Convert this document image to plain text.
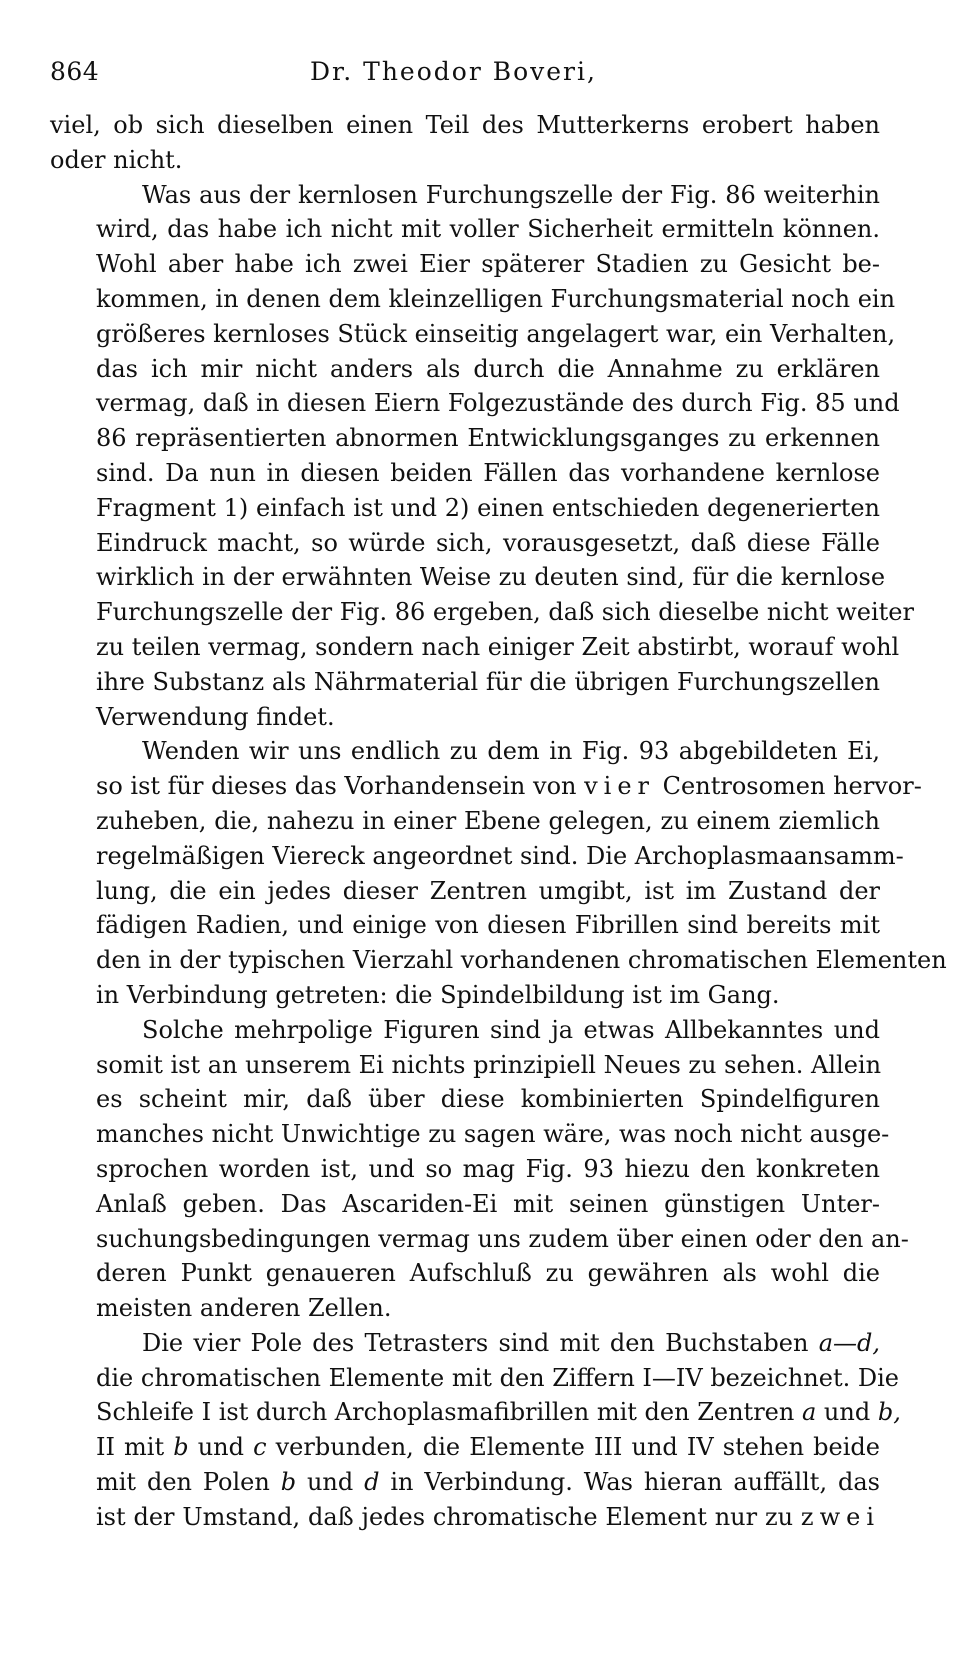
864	Dr. Theodor Boveri,
viel, ob sich dieselben einen Teil des Mutterkerns erobert haben
oder nicht.
Was aus der kernlosen Furchungszelle der Fig. 86 weiterhin
wird, das habe ich nicht mit voller Sicherheit ermitteln können.
Wohl aber habe ich zwei Eier späterer Stadien zu Gesicht be-
kommen, in denen dem kleinzelligen Furchungsmaterial noch ein
größeres kernloses Stück einseitig angelagert war, ein Verhalten,
das ich mir nicht anders als durch die Annahme zu erklären
vermag, daß in diesen Eiern Folgezustände des durch Fig. 85 und
86 repräsentierten abnormen Entwicklungsganges zu erkennen
sind. Da nun in diesen beiden Fällen das vorhandene kernlose
Fragment 1) einfach ist und 2) einen entschieden degenerierten
Eindruck macht, so würde sich, vorausgesetzt, daß diese Fälle
wirklich in der erwähnten Weise zu deuten sind, für die kernlose
Furchungszelle der Fig. 86 ergeben, daß sich dieselbe nicht weiter
zu teilen vermag, sondern nach einiger Zeit abstirbt, worauf wohl
ihre Substanz als Nährmaterial für die übrigen Furchungszellen
Verwendung findet.
Wenden wir uns endlich zu dem in Fig. 93 abgebildeten Ei,
so ist für dieses das Vorhandensein von vier Centrosomen hervor-
zuheben, die, nahezu in einer Ebene gelegen, zu einem ziemlich
regelmäßigen Viereck angeordnet sind. Die Archoplasmaansamm-
lung, die ein jedes dieser Zentren umgibt, ist im Zustand der
fädigen Radien, und einige von diesen Fibrillen sind bereits mit
den in der typischen Vierzahl vorhandenen chromatischen Elementen
in Verbindung getreten: die Spindelbildung ist im Gang.
Solche mehrpolige Figuren sind ja etwas Allbekanntes und
somit ist an unserem Ei nichts prinzipiell Neues zu sehen. Allein
es scheint mir, daß über diese kombinierten Spindelfiguren
manches nicht Unwichtige zu sagen wäre, was noch nicht ausge-
sprochen worden ist, und so mag Fig. 93 hiezu den konkreten
Anlaß geben. Das Ascariden-Ei mit seinen günstigen Unter-
suchungsbedingungen vermag uns zudem über einen oder den an-
deren Punkt genaueren Aufschluß zu gewähren als wohl die
meisten anderen Zellen.
Die vier Pole des Tetrasters sind mit den Buchstaben a—d,
die chromatischen Elemente mit den Ziffern I—IV bezeichnet. Die
Schleife I ist durch Archoplasmafibrillen mit den Zentren a und b,
II mit b und c verbunden, die Elemente III und IV stehen beide
mit den Polen b und d in Verbindung. Was hieran auffällt, das
ist der Umstand, daß jedes chromatische Element nur zu zwei
